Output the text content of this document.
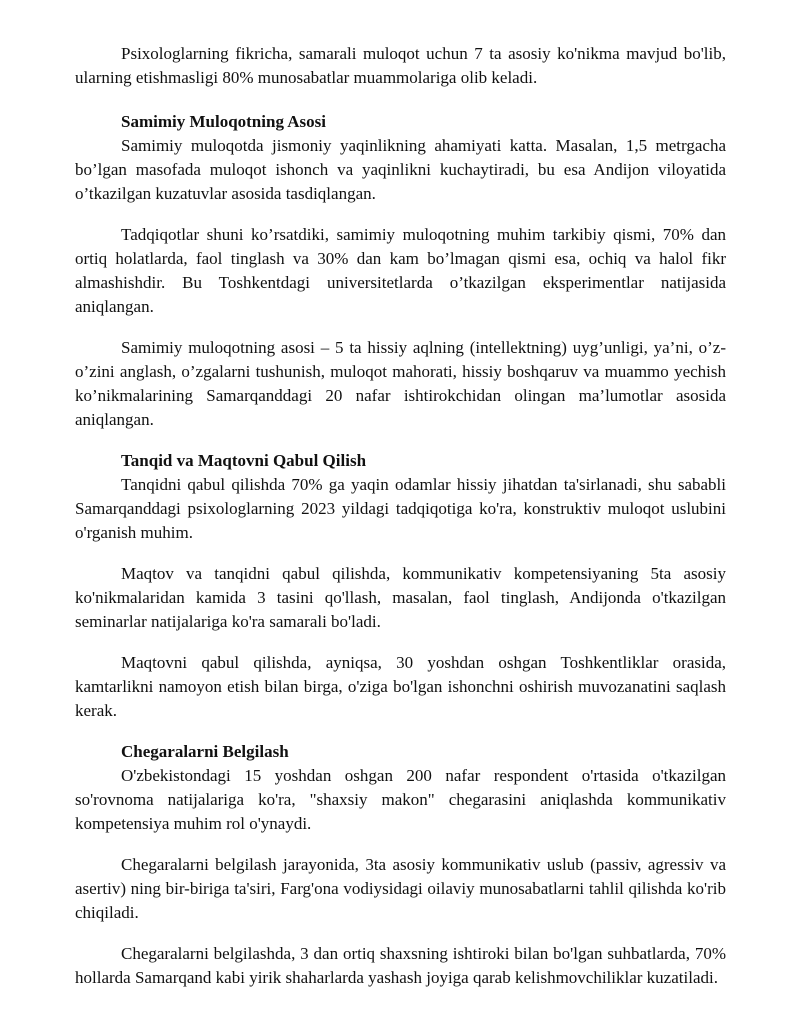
Psixologlarning fikricha, samarali muloqot uchun 7 ta asosiy ko'nikma mavjud bo'lib, ularning etishmasligi 80% munosabatlar muammolariga olib keladi.

Samimiy Muloqotning Asosi

Samimiy muloqotda jismoniy yaqinlikning ahamiyati katta. Masalan, 1,5 metrgacha bo’lgan masofada muloqot ishonch va yaqinlikni kuchaytiradi, bu esa Andijon viloyatida o’tkazilgan kuzatuvlar asosida tasdiqlangan.

Tadqiqotlar shuni ko’rsatdiki, samimiy muloqotning muhim tarkibiy qismi, 70% dan ortiq holatlarda, faol tinglash va 30% dan kam bo’lmagan qismi esa, ochiq va halol fikr almashishdir. Bu Toshkentdagi universitetlarda o’tkazilgan eksperimentlar natijasida aniqlangan.

Samimiy muloqotning asosi – 5 ta hissiy aqlning (intellektning) uyg’unligi, ya’ni, o’z-o’zini anglash, o’zgalarni tushunish, muloqot mahorati, hissiy boshqaruv va muammo yechish ko’nikmalarining Samarqanddagi 20 nafar ishtirokchidan olingan ma’lumotlar asosida aniqlangan.

Tanqid va Maqtovni Qabul Qilish

Tanqidni qabul qilishda 70% ga yaqin odamlar hissiy jihatdan ta'sirlanadi, shu sababli Samarqanddagi psixologlarning 2023 yildagi tadqiqotiga ko'ra, konstruktiv muloqot uslubini o'rganish muhim.

Maqtov va tanqidni qabul qilishda, kommunikativ kompetensiyaning 5ta asosiy ko'nikmalaridan kamida 3 tasini qo'llash, masalan, faol tinglash, Andijonda o'tkazilgan seminarlar natijalariga ko'ra samarali bo'ladi.

Maqtovni qabul qilishda, ayniqsa, 30 yoshdan oshgan Toshkentliklar orasida, kamtarlikni namoyon etish bilan birga, o'ziga bo'lgan ishonchni oshirish muvozanatini saqlash kerak.

Chegaralarni Belgilash

O'zbekistondagi 15 yoshdan oshgan 200 nafar respondent o'rtasida o'tkazilgan so'rovnoma natijalariga ko'ra, "shaxsiy makon" chegarasini aniqlashda kommunikativ kompetensiya muhim rol o'ynaydi.

Chegaralarni belgilash jarayonida, 3ta asosiy kommunikativ uslub (passiv, agressiv va asertiv) ning bir-biriga ta'siri, Farg'ona vodiysidagi oilaviy munosabatlarni tahlil qilishda ko'rib chiqiladi.

Chegaralarni belgilashda, 3 dan ortiq shaxsning ishtiroki bilan bo'lgan suhbatlarda, 70% hollarda Samarqand kabi yirik shaharlarda yashash joyiga qarab kelishmovchiliklar kuzatiladi.
